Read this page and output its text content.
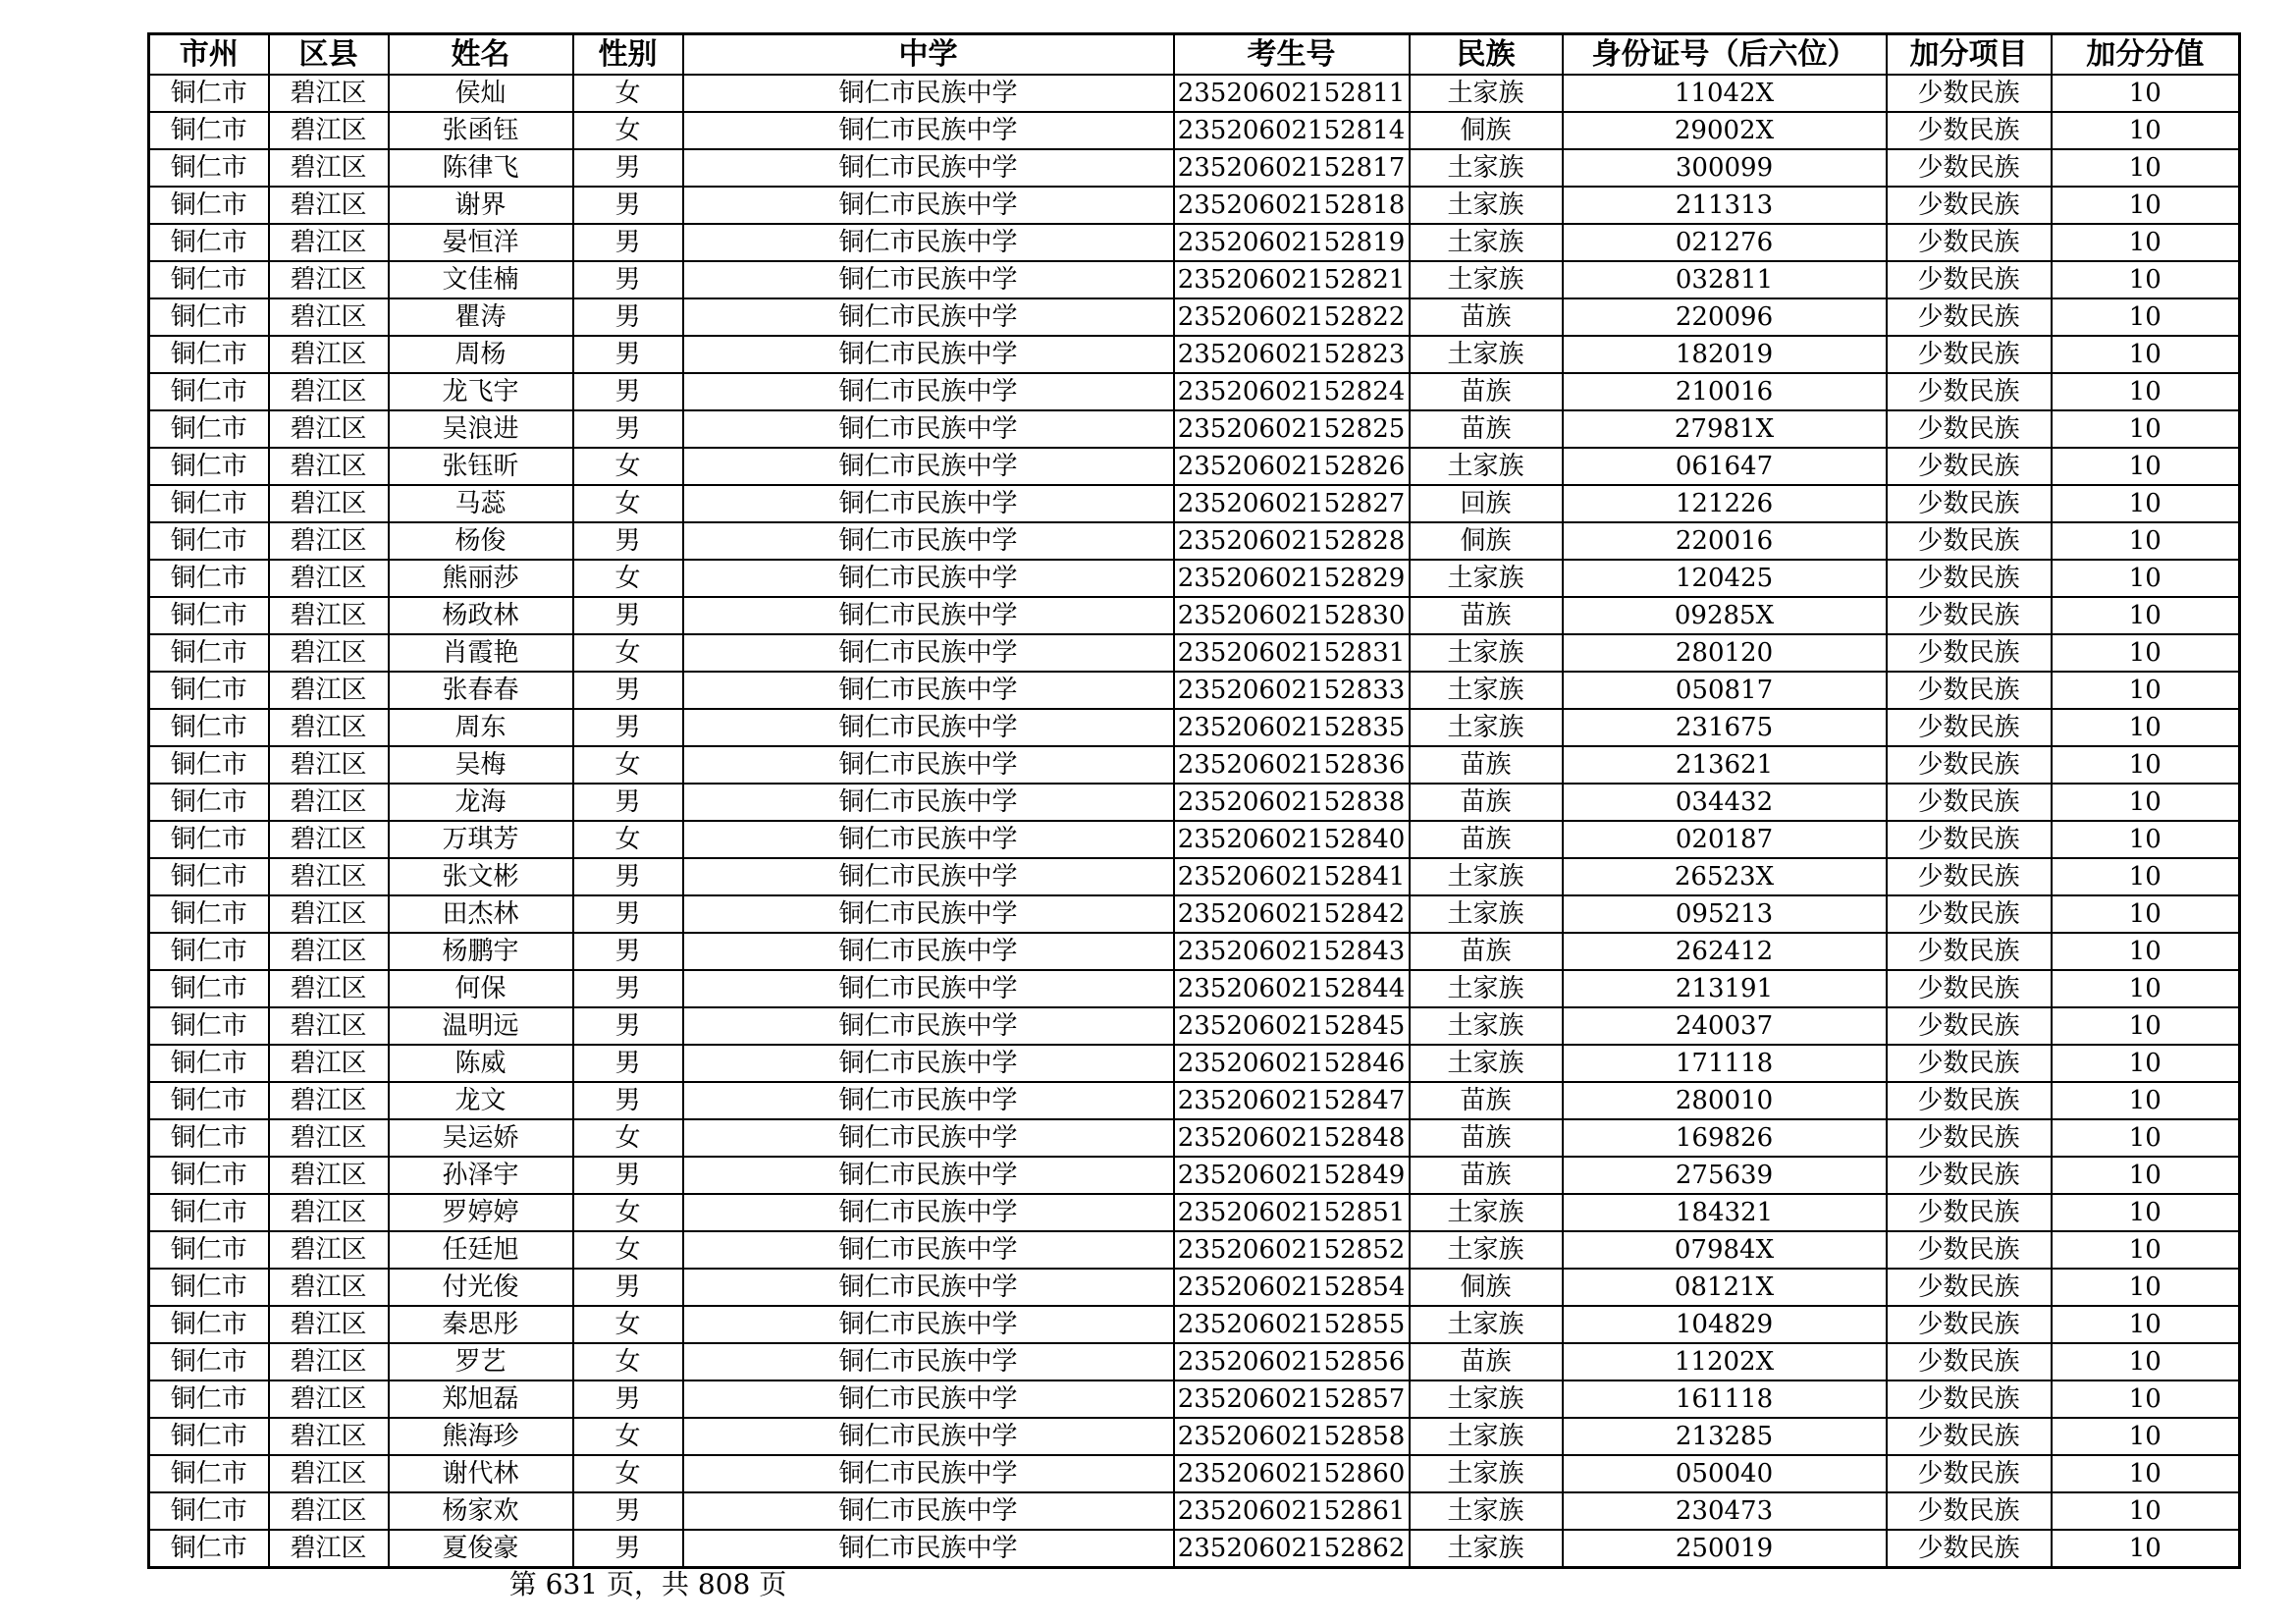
市州	区县	姓名	性别	中学	考生号	民族	身份证号（后六位）	加分项目	加分分值
铜仁市	碧江区	侯灿	女	铜仁市民族中学	23520602152811	土家族	11042X	少数民族	10
铜仁市	碧江区	张函钰	女	铜仁市民族中学	23520602152814	侗族	29002X	少数民族	10
铜仁市	碧江区	陈律飞	男	铜仁市民族中学	23520602152817	土家族	300099	少数民族	10
铜仁市	碧江区	谢界	男	铜仁市民族中学	23520602152818	土家族	211313	少数民族	10
铜仁市	碧江区	晏恒洋	男	铜仁市民族中学	23520602152819	土家族	021276	少数民族	10
铜仁市	碧江区	文佳楠	男	铜仁市民族中学	23520602152821	土家族	032811	少数民族	10
铜仁市	碧江区	瞿涛	男	铜仁市民族中学	23520602152822	苗族	220096	少数民族	10
铜仁市	碧江区	周杨	男	铜仁市民族中学	23520602152823	土家族	182019	少数民族	10
铜仁市	碧江区	龙飞宇	男	铜仁市民族中学	23520602152824	苗族	210016	少数民族	10
铜仁市	碧江区	吴浪进	男	铜仁市民族中学	23520602152825	苗族	27981X	少数民族	10
铜仁市	碧江区	张钰昕	女	铜仁市民族中学	23520602152826	土家族	061647	少数民族	10
铜仁市	碧江区	马蕊	女	铜仁市民族中学	23520602152827	回族	121226	少数民族	10
铜仁市	碧江区	杨俊	男	铜仁市民族中学	23520602152828	侗族	220016	少数民族	10
铜仁市	碧江区	熊丽莎	女	铜仁市民族中学	23520602152829	土家族	120425	少数民族	10
铜仁市	碧江区	杨政林	男	铜仁市民族中学	23520602152830	苗族	09285X	少数民族	10
铜仁市	碧江区	肖霞艳	女	铜仁市民族中学	23520602152831	土家族	280120	少数民族	10
铜仁市	碧江区	张春春	男	铜仁市民族中学	23520602152833	土家族	050817	少数民族	10
铜仁市	碧江区	周东	男	铜仁市民族中学	23520602152835	土家族	231675	少数民族	10
铜仁市	碧江区	吴梅	女	铜仁市民族中学	23520602152836	苗族	213621	少数民族	10
铜仁市	碧江区	龙海	男	铜仁市民族中学	23520602152838	苗族	034432	少数民族	10
铜仁市	碧江区	万琪芳	女	铜仁市民族中学	23520602152840	苗族	020187	少数民族	10
铜仁市	碧江区	张文彬	男	铜仁市民族中学	23520602152841	土家族	26523X	少数民族	10
铜仁市	碧江区	田杰林	男	铜仁市民族中学	23520602152842	土家族	095213	少数民族	10
铜仁市	碧江区	杨鹏宇	男	铜仁市民族中学	23520602152843	苗族	262412	少数民族	10
铜仁市	碧江区	何保	男	铜仁市民族中学	23520602152844	土家族	213191	少数民族	10
铜仁市	碧江区	温明远	男	铜仁市民族中学	23520602152845	土家族	240037	少数民族	10
铜仁市	碧江区	陈威	男	铜仁市民族中学	23520602152846	土家族	171118	少数民族	10
铜仁市	碧江区	龙文	男	铜仁市民族中学	23520602152847	苗族	280010	少数民族	10
铜仁市	碧江区	吴运娇	女	铜仁市民族中学	23520602152848	苗族	169826	少数民族	10
铜仁市	碧江区	孙泽宇	男	铜仁市民族中学	23520602152849	苗族	275639	少数民族	10
铜仁市	碧江区	罗婷婷	女	铜仁市民族中学	23520602152851	土家族	184321	少数民族	10
铜仁市	碧江区	任廷旭	女	铜仁市民族中学	23520602152852	土家族	07984X	少数民族	10
铜仁市	碧江区	付光俊	男	铜仁市民族中学	23520602152854	侗族	08121X	少数民族	10
铜仁市	碧江区	秦思彤	女	铜仁市民族中学	23520602152855	土家族	104829	少数民族	10
铜仁市	碧江区	罗艺	女	铜仁市民族中学	23520602152856	苗族	11202X	少数民族	10
铜仁市	碧江区	郑旭磊	男	铜仁市民族中学	23520602152857	土家族	161118	少数民族	10
铜仁市	碧江区	熊海珍	女	铜仁市民族中学	23520602152858	土家族	213285	少数民族	10
铜仁市	碧江区	谢代林	女	铜仁市民族中学	23520602152860	土家族	050040	少数民族	10
铜仁市	碧江区	杨家欢	男	铜仁市民族中学	23520602152861	土家族	230473	少数民族	10
铜仁市	碧江区	夏俊豪	男	铜仁市民族中学	23520602152862	土家族	250019	少数民族	10
第 631 页，共 808 页
